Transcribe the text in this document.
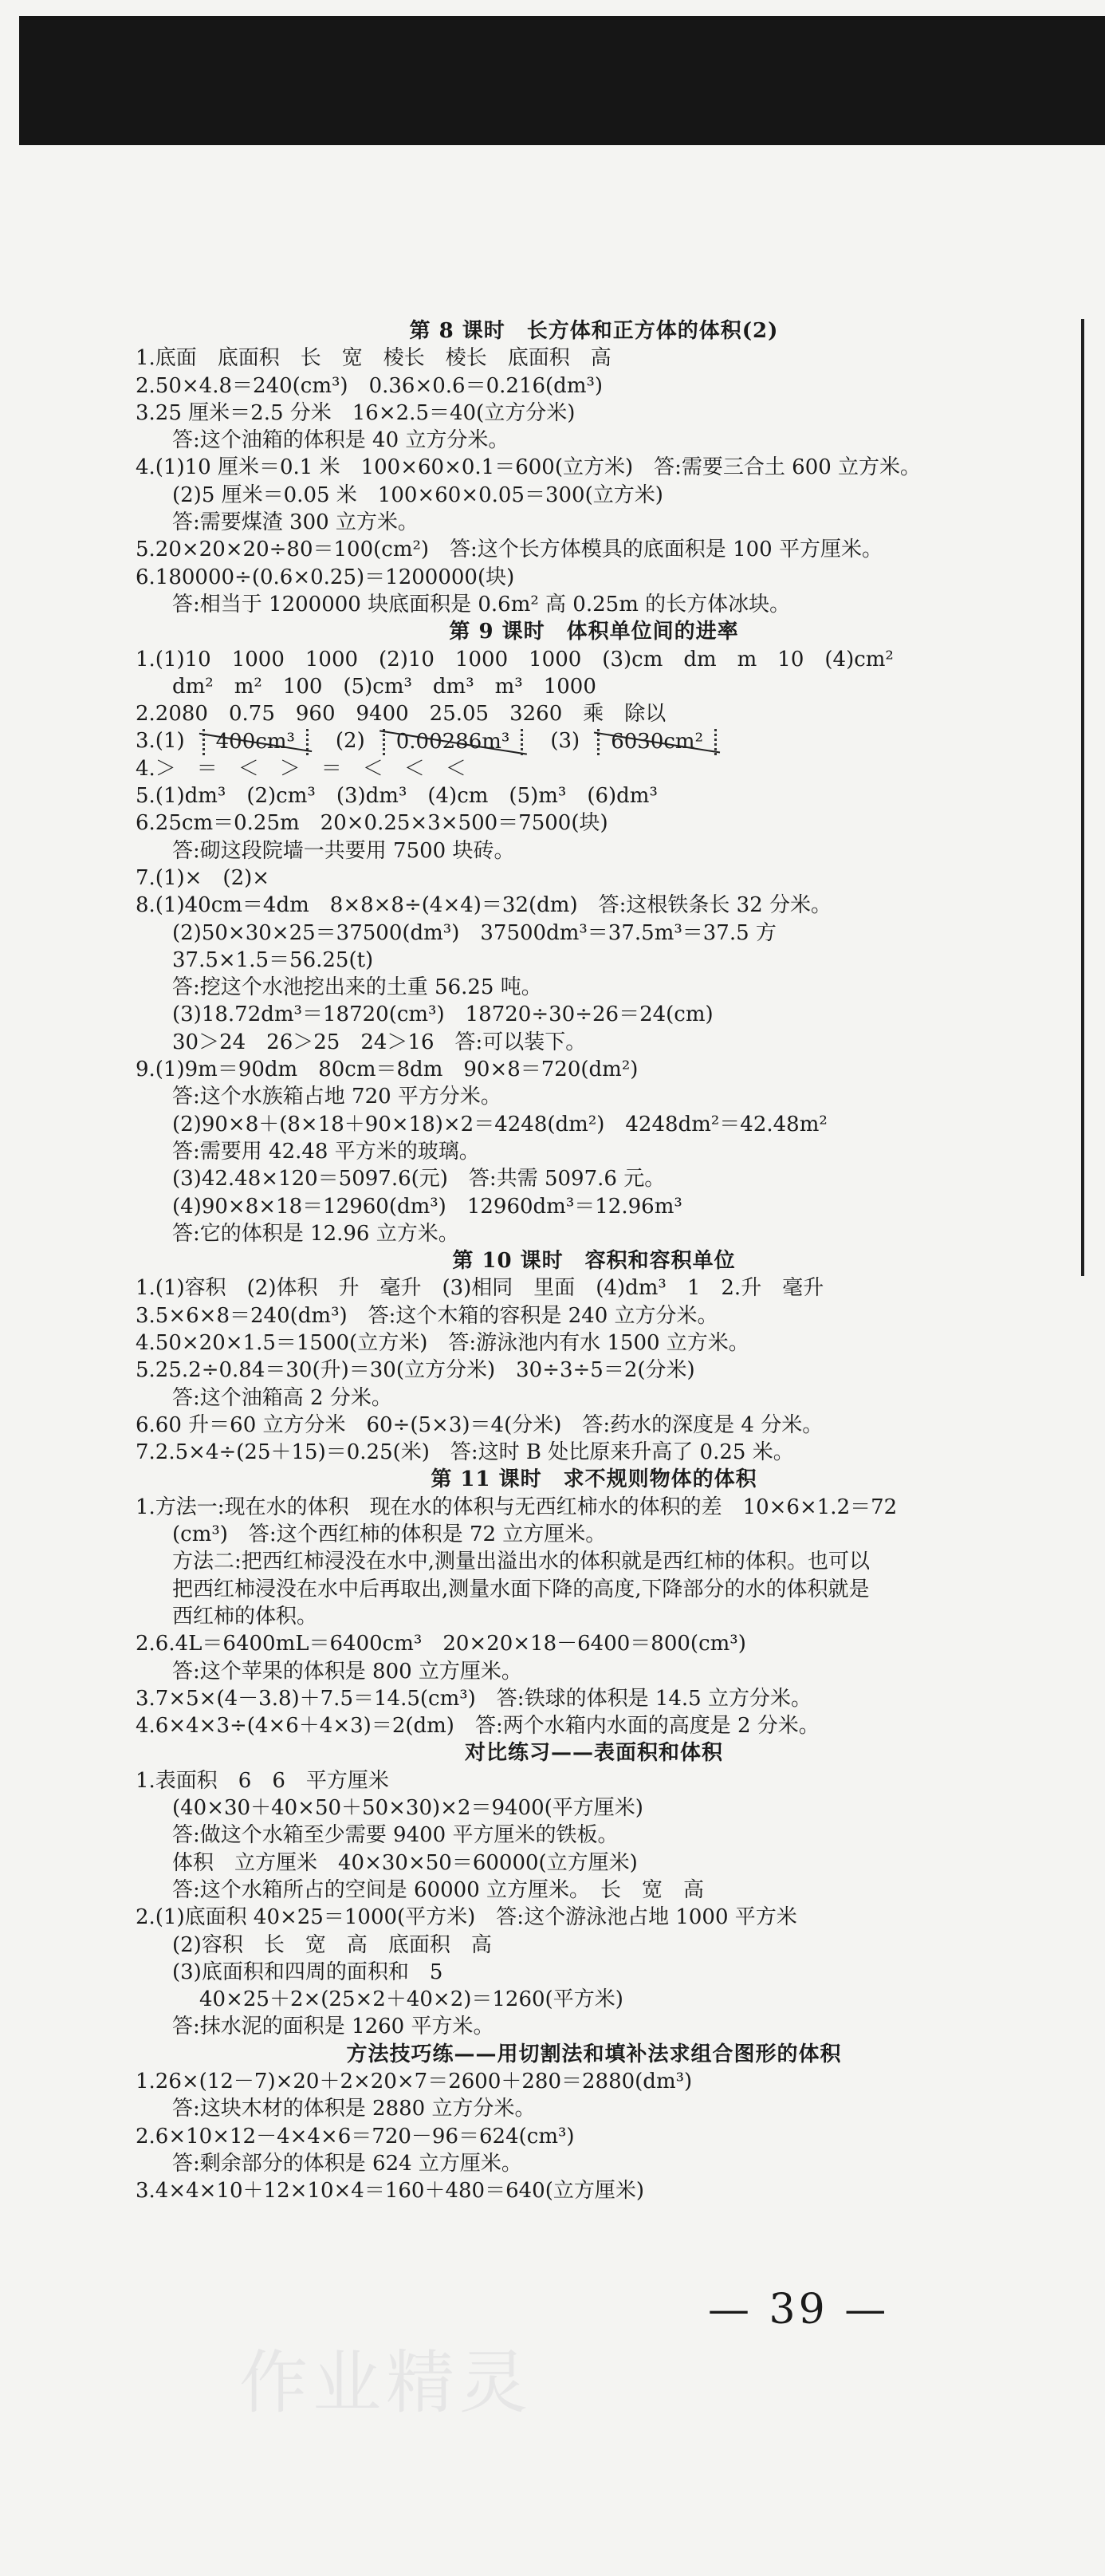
第 8 课时　长方体和正方体的体积(2)
1.底面　底面积　长　宽　棱长　棱长　底面积　高
2.50×4.8＝240(cm³)　0.36×0.6＝0.216(dm³)
3.25 厘米＝2.5 分米　16×2.5＝40(立方分米)
答:这个油箱的体积是 40 立方分米。
4.(1)10 厘米＝0.1 米　100×60×0.1＝600(立方米)　答:需要三合土 600 立方米。
(2)5 厘米＝0.05 米　100×60×0.05＝300(立方米)
答:需要煤渣 300 立方米。
5.20×20×20÷80＝100(cm²)　答:这个长方体模具的底面积是 100 平方厘米。
6.180000÷(0.6×0.25)＝1200000(块)
答:相当于 1200000 块底面积是 0.6m² 高 0.25m 的长方体冰块。
第 9 课时　体积单位间的进率
1.(1)10　1000　1000　(2)10　1000　1000　(3)cm　dm　m　10　(4)cm²
dm²　m²　100　(5)cm³　dm³　m³　1000
2.2080　0.75　960　9400　25.05　3260　乘　除以
3.(1)	400cm³	(2)	0.00286m³	(3)	6030cm²
4.＞　＝　＜　＞　＝　＜　＜　＜
5.(1)dm³　(2)cm³　(3)dm³　(4)cm　(5)m³　(6)dm³
6.25cm＝0.25m　20×0.25×3×500＝7500(块)
答:砌这段院墙一共要用 7500 块砖。
7.(1)×　(2)×
8.(1)40cm＝4dm　8×8×8÷(4×4)＝32(dm)　答:这根铁条长 32 分米。
(2)50×30×25＝37500(dm³)　37500dm³＝37.5m³＝37.5 方
37.5×1.5＝56.25(t)
答:挖这个水池挖出来的土重 56.25 吨。
(3)18.72dm³＝18720(cm³)　18720÷30÷26＝24(cm)
30＞24　26＞25　24＞16　答:可以装下。
9.(1)9m＝90dm　80cm＝8dm　90×8＝720(dm²)
答:这个水族箱占地 720 平方分米。
(2)90×8＋(8×18＋90×18)×2＝4248(dm²)　4248dm²＝42.48m²
答:需要用 42.48 平方米的玻璃。
(3)42.48×120＝5097.6(元)　答:共需 5097.6 元。
(4)90×8×18＝12960(dm³)　12960dm³＝12.96m³
答:它的体积是 12.96 立方米。
第 10 课时　容积和容积单位
1.(1)容积　(2)体积　升　毫升　(3)相同　里面　(4)dm³　1　2.升　毫升
3.5×6×8＝240(dm³)　答:这个木箱的容积是 240 立方分米。
4.50×20×1.5＝1500(立方米)　答:游泳池内有水 1500 立方米。
5.25.2÷0.84＝30(升)＝30(立方分米)　30÷3÷5＝2(分米)
答:这个油箱高 2 分米。
6.60 升＝60 立方分米　60÷(5×3)＝4(分米)　答:药水的深度是 4 分米。
7.2.5×4÷(25＋15)＝0.25(米)　答:这时 B 处比原来升高了 0.25 米。
第 11 课时　求不规则物体的体积
1.方法一:现在水的体积　现在水的体积与无西红柿水的体积的差　10×6×1.2＝72
(cm³)　答:这个西红柿的体积是 72 立方厘米。
方法二:把西红柿浸没在水中,测量出溢出水的体积就是西红柿的体积。也可以
把西红柿浸没在水中后再取出,测量水面下降的高度,下降部分的水的体积就是
西红柿的体积。
2.6.4L＝6400mL＝6400cm³　20×20×18－6400＝800(cm³)
答:这个苹果的体积是 800 立方厘米。
3.7×5×(4－3.8)＋7.5＝14.5(cm³)　答:铁球的体积是 14.5 立方分米。
4.6×4×3÷(4×6＋4×3)＝2(dm)　答:两个水箱内水面的高度是 2 分米。
对比练习——表面积和体积
1.表面积　6　6　平方厘米
(40×30＋40×50＋50×30)×2＝9400(平方厘米)
答:做这个水箱至少需要 9400 平方厘米的铁板。
体积　立方厘米　40×30×50＝60000(立方厘米)
答:这个水箱所占的空间是 60000 立方厘米。　长　宽　高
2.(1)底面积 40×25＝1000(平方米)　答:这个游泳池占地 1000 平方米
(2)容积　长　宽　高　底面积　高
(3)底面积和四周的面积和　5
40×25＋2×(25×2＋40×2)＝1260(平方米)
答:抹水泥的面积是 1260 平方米。
方法技巧练——用切割法和填补法求组合图形的体积
1.26×(12－7)×20＋2×20×7＝2600＋280＝2880(dm³)
答:这块木材的体积是 2880 立方分米。
2.6×10×12－4×4×6＝720－96＝624(cm³)
答:剩余部分的体积是 624 立方厘米。
3.4×4×10＋12×10×4＝160＋480＝640(立方厘米)
— 39 —
作业精灵
